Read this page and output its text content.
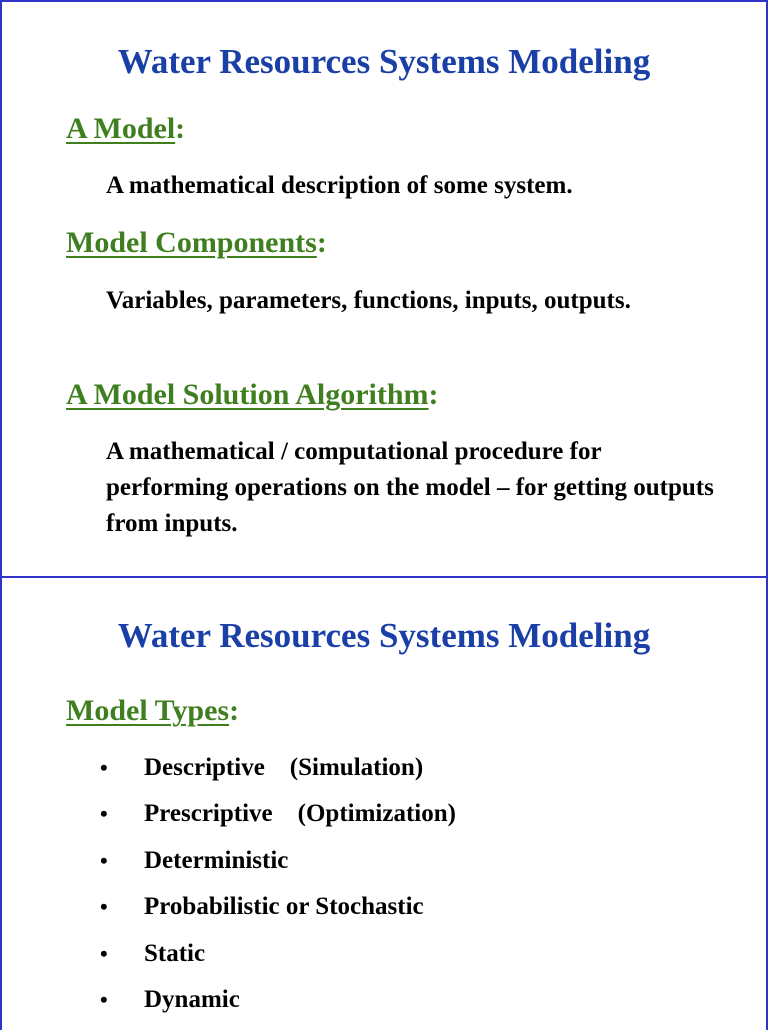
Water Resources Systems Modeling
A Model:
A mathematical description of some system.
Model Components:
Variables, parameters, functions, inputs, outputs.
A Model Solution Algorithm:
A mathematical / computational procedure for performing operations on the model – for getting outputs from inputs.
Water Resources Systems Modeling
Model Types:
•	Descriptive    (Simulation)
•	Prescriptive    (Optimization)
•	Deterministic
•	Probabilistic or Stochastic
•	Static
•	Dynamic
